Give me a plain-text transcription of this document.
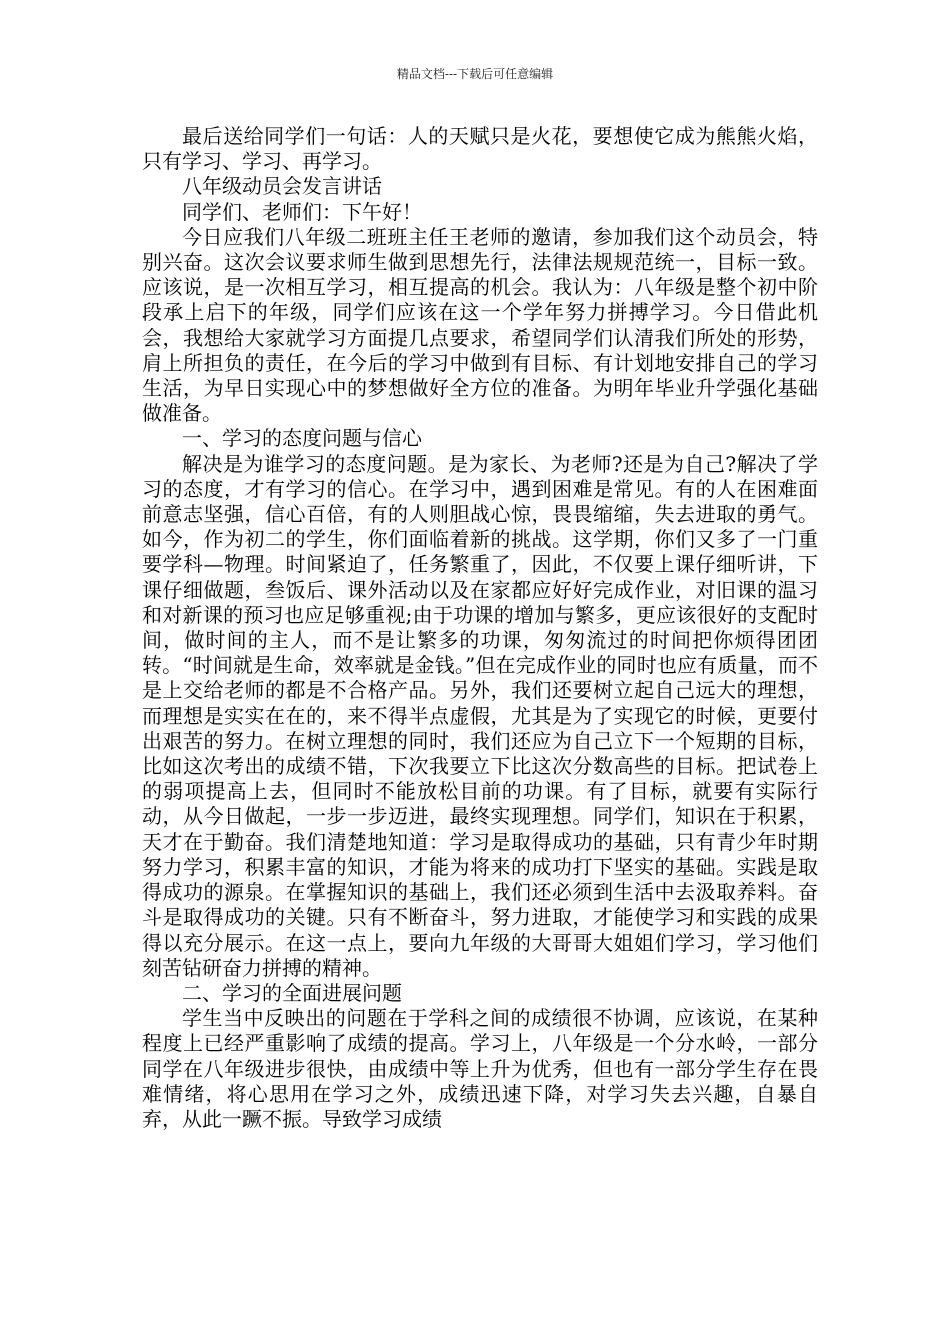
精品文档---下载后可任意编辑

最后送给同学们一句话：人的天赋只是火花，要想使它成为熊熊火焰，只有学习、学习、再学习。

八年级动员会发言讲话

同学们、老师们：下午好！

今日应我们八年级二班班主任王老师的邀请，参加我们这个动员会，特别兴奋。这次会议要求师生做到思想先行，法律法规规范统一，目标一致。应该说，是一次相互学习，相互提高的机会。我认为：八年级是整个初中阶段承上启下的年级，同学们应该在这一个学年努力拼搏学习。今日借此机会，我想给大家就学习方面提几点要求，希望同学们认清我们所处的形势，肩上所担负的责任，在今后的学习中做到有目标、有计划地安排自己的学习生活，为早日实现心中的梦想做好全方位的准备。为明年毕业升学强化基础做准备。

一、学习的态度问题与信心

解决是为谁学习的态度问题。是为家长、为老师?还是为自己?解决了学习的态度，才有学习的信心。在学习中，遇到困难是常见。有的人在困难面前意志坚强，信心百倍，有的人则胆战心惊，畏畏缩缩，失去进取的勇气。如今，作为初二的学生，你们面临着新的挑战。这学期，你们又多了一门重要学科—物理。时间紧迫了，任务繁重了，因此，不仅要上课仔细听讲，下课仔细做题，叁饭后、课外活动以及在家都应好好完成作业，对旧课的温习和对新课的预习也应足够重视;由于功课的增加与繁多，更应该很好的支配时间，做时间的主人，而不是让繁多的功课，匆匆流过的时间把你烦得团团转。“时间就是生命，效率就是金钱。”但在完成作业的同时也应有质量，而不是上交给老师的都是不合格产品。另外，我们还要树立起自己远大的理想，而理想是实实在在的，来不得半点虚假，尤其是为了实现它的时候，更要付出艰苦的努力。在树立理想的同时，我们还应为自己立下一个短期的目标，比如这次考出的成绩不错，下次我要立下比这次分数高些的目标。把试卷上的弱项提高上去，但同时不能放松目前的功课。有了目标，就要有实际行动，从今日做起，一步一步迈进，最终实现理想。同学们，知识在于积累，天才在于勤奋。我们清楚地知道：学习是取得成功的基础，只有青少年时期努力学习，积累丰富的知识，才能为将来的成功打下坚实的基础。实践是取得成功的源泉。在掌握知识的基础上，我们还必须到生活中去汲取养料。奋斗是取得成功的关键。只有不断奋斗，努力进取，才能使学习和实践的成果得以充分展示。在这一点上，要向九年级的大哥哥大姐姐们学习，学习他们刻苦钻研奋力拼搏的精神。

二、学习的全面进展问题

学生当中反映出的问题在于学科之间的成绩很不协调，应该说，在某种程度上已经严重影响了成绩的提高。学习上，八年级是一个分水岭，一部分同学在八年级进步很快，由成绩中等上升为优秀，但也有一部分学生存在畏难情绪，将心思用在学习之外，成绩迅速下降，对学习失去兴趣，自暴自弃，从此一蹶不振。导致学习成绩
